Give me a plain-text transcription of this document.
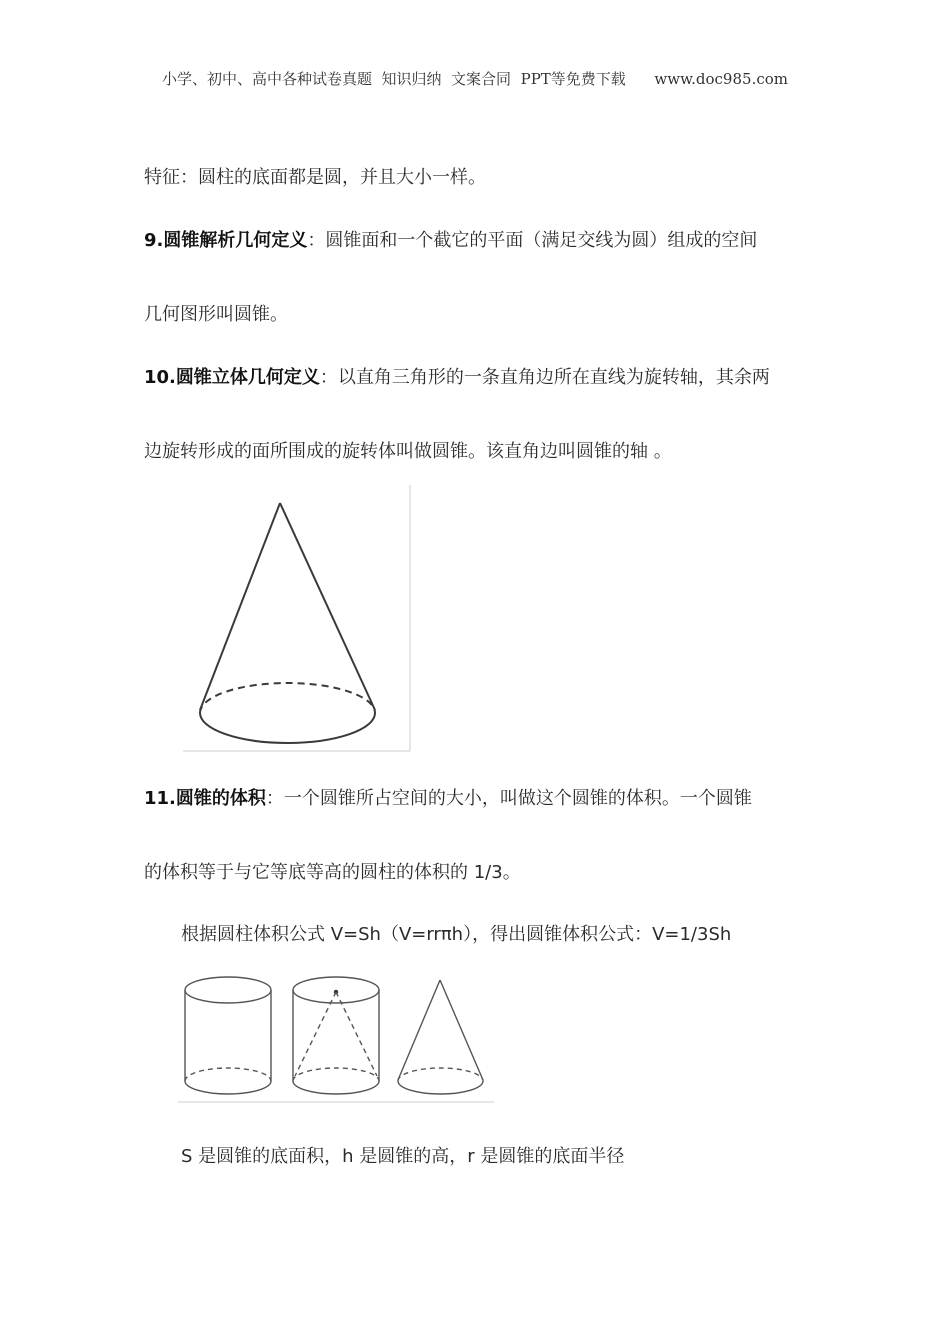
小学、初中、高中各种试卷真题  知识归纳  文案合同  PPT等免费下载      www.doc985.com
特征：圆柱的底面都是圆，并且大小一样。
9.圆锥解析几何定义：圆锥面和一个截它的平面（满足交线为圆）组成的空间
几何图形叫圆锥。
10.圆锥立体几何定义：以直角三角形的一条直角边所在直线为旋转轴，其余两
边旋转形成的面所围成的旋转体叫做圆锥。该直角边叫圆锥的轴 。
11.圆锥的体积：一个圆锥所占空间的大小，叫做这个圆锥的体积。一个圆锥
的体积等于与它等底等高的圆柱的体积的 1/3。
根据圆柱体积公式 V=Sh（V=rrπh），得出圆锥体积公式：V=1/3Sh
S 是圆锥的底面积，h 是圆锥的高，r 是圆锥的底面半径
